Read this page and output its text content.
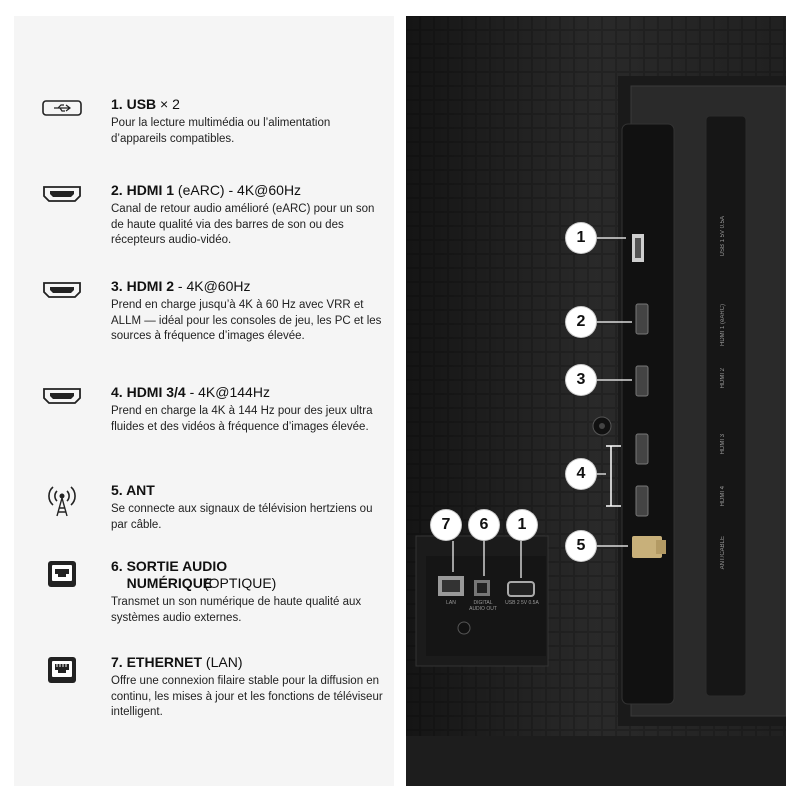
1. USB × 2
Pour la lecture multimédia ou l’alimentation d’appareils compatibles.
2. HDMI 1 (eARC) - 4K@60Hz
Canal de retour audio amélioré (eARC) pour un son de haute qualité via des barres de son ou des récepteurs audio-vidéo.
3. HDMI 2 - 4K@60Hz
Prend en charge jusqu’à 4K à 60 Hz avec VRR et ALLM — idéal pour les consoles de jeu, les PC et les sources à fréquence d’images élevée.
4. HDMI 3/4 - 4K@144Hz
Prend en charge la 4K à 144 Hz pour des jeux ultra fluides et des vidéos à fréquence d’images élevée.
5. ANT
Se connecte aux signaux de télévision hertziens ou par câble.
6. SORTIE AUDIO NUMÉRIQUE
(OPTIQUE)
Transmet un son numérique de haute qualité aux systèmes audio externes.
7. ETHERNET (LAN)
Offre une connexion filaire stable pour la diffusion en continu, les mises à jour et les fonctions de téléviseur intelligent.
1
2
3
4
5
7	6	1
USB 1 5V 0.5A
HDMI 1 (eARC)
HDMI 2
HDMI 3
HDMI 4
ANT/CABLE
LAN	DIGITAL AUDIO OUT
USB 2 5V 0.5A
